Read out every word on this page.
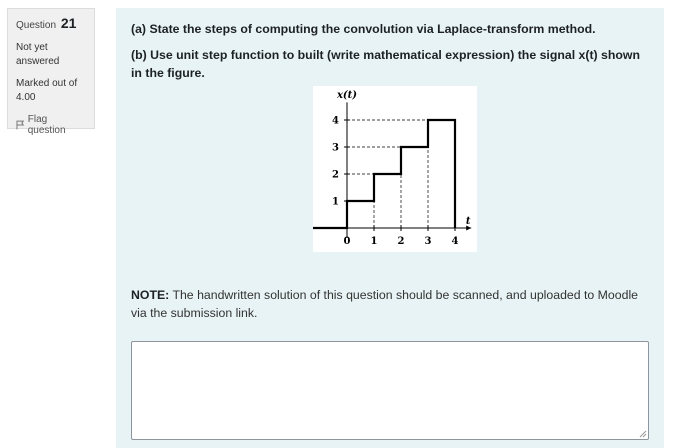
Question 21
Not yet answered
Marked out of 4.00
Flag question

(a) State the steps of computing the convolution via Laplace-transform method.

(b) Use unit step function to built (write mathematical expression) the signal x(t) shown in the figure.

0 1 2 3 4
1
2
3
4
x(t)
t
NOTE: The handwritten solution of this question should be scanned, and uploaded to Moodle via the submission link.
